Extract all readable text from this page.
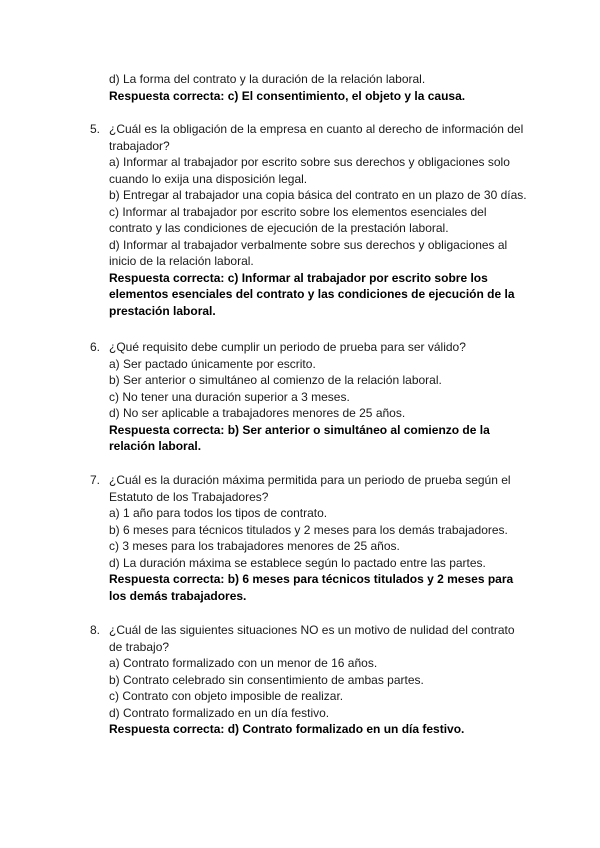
d) La forma del contrato y la duración de la relación laboral.
Respuesta correcta: c) El consentimiento, el objeto y la causa.
5. ¿Cuál es la obligación de la empresa en cuanto al derecho de información del trabajador?
a) Informar al trabajador por escrito sobre sus derechos y obligaciones solo cuando lo exija una disposición legal.
b) Entregar al trabajador una copia básica del contrato en un plazo de 30 días.
c) Informar al trabajador por escrito sobre los elementos esenciales del contrato y las condiciones de ejecución de la prestación laboral.
d) Informar al trabajador verbalmente sobre sus derechos y obligaciones al inicio de la relación laboral.
Respuesta correcta: c) Informar al trabajador por escrito sobre los elementos esenciales del contrato y las condiciones de ejecución de la prestación laboral.
6. ¿Qué requisito debe cumplir un periodo de prueba para ser válido?
a) Ser pactado únicamente por escrito.
b) Ser anterior o simultáneo al comienzo de la relación laboral.
c) No tener una duración superior a 3 meses.
d) No ser aplicable a trabajadores menores de 25 años.
Respuesta correcta: b) Ser anterior o simultáneo al comienzo de la relación laboral.
7. ¿Cuál es la duración máxima permitida para un periodo de prueba según el Estatuto de los Trabajadores?
a) 1 año para todos los tipos de contrato.
b) 6 meses para técnicos titulados y 2 meses para los demás trabajadores.
c) 3 meses para los trabajadores menores de 25 años.
d) La duración máxima se establece según lo pactado entre las partes.
Respuesta correcta: b) 6 meses para técnicos titulados y 2 meses para los demás trabajadores.
8. ¿Cuál de las siguientes situaciones NO es un motivo de nulidad del contrato de trabajo?
a) Contrato formalizado con un menor de 16 años.
b) Contrato celebrado sin consentimiento de ambas partes.
c) Contrato con objeto imposible de realizar.
d) Contrato formalizado en un día festivo.
Respuesta correcta: d) Contrato formalizado en un día festivo.
